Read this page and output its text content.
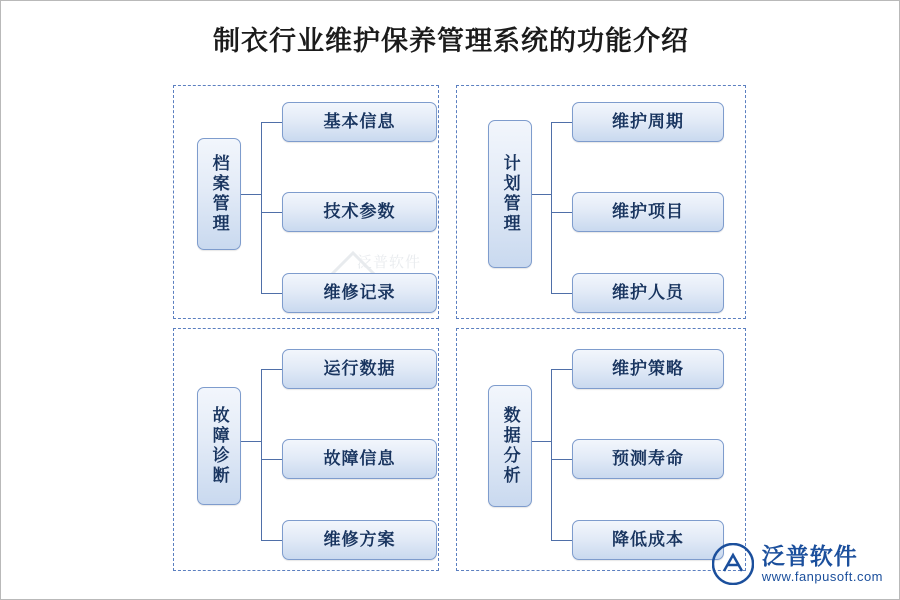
制衣行业维护保养管理系统的功能介绍
泛普软件
档案管理
基本信息
技术参数
维修记录
计划管理
维护周期
维护项目
维护人员
故障诊断
运行数据
故障信息
维修方案
数据分析
维护策略
预测寿命
降低成本
泛普软件
www.fanpusoft.com
